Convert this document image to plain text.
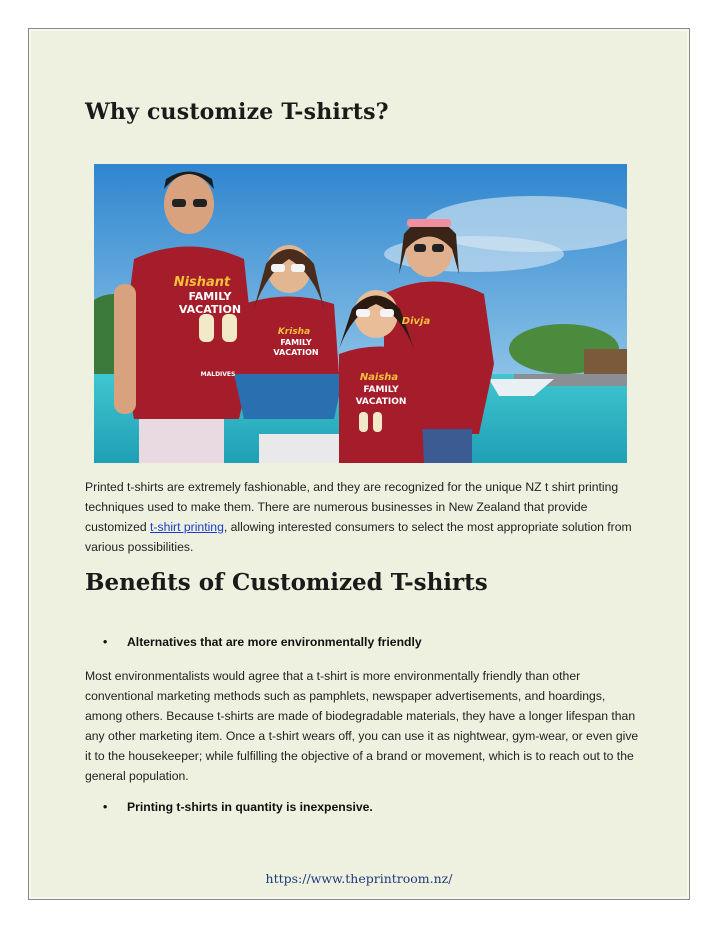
Why customize T-shirts?
Nishant
FAMILY
VACATION
MALDIVES
Krisha
FAMILY
VACATION
Naisha
FAMILY
VACATION
Divja
Printed t-shirts are extremely fashionable, and they are recognized for the unique NZ t shirt printing techniques used to make them. There are numerous businesses in New Zealand that provide customized t-shirt printing, allowing interested consumers to select the most appropriate solution from various possibilities.
Benefits of Customized T-shirts
• Alternatives that are more environmentally friendly
Most environmentalists would agree that a t-shirt is more environmentally friendly than other conventional marketing methods such as pamphlets, newspaper advertisements, and hoardings, among others. Because t-shirts are made of biodegradable materials, they have a longer lifespan than any other marketing item. Once a t-shirt wears off, you can use it as nightwear, gym-wear, or even give it to the housekeeper; while fulfilling the objective of a brand or movement, which is to reach out to the general population.
• Printing t-shirts in quantity is inexpensive.
https://www.theprintroom.nz/
